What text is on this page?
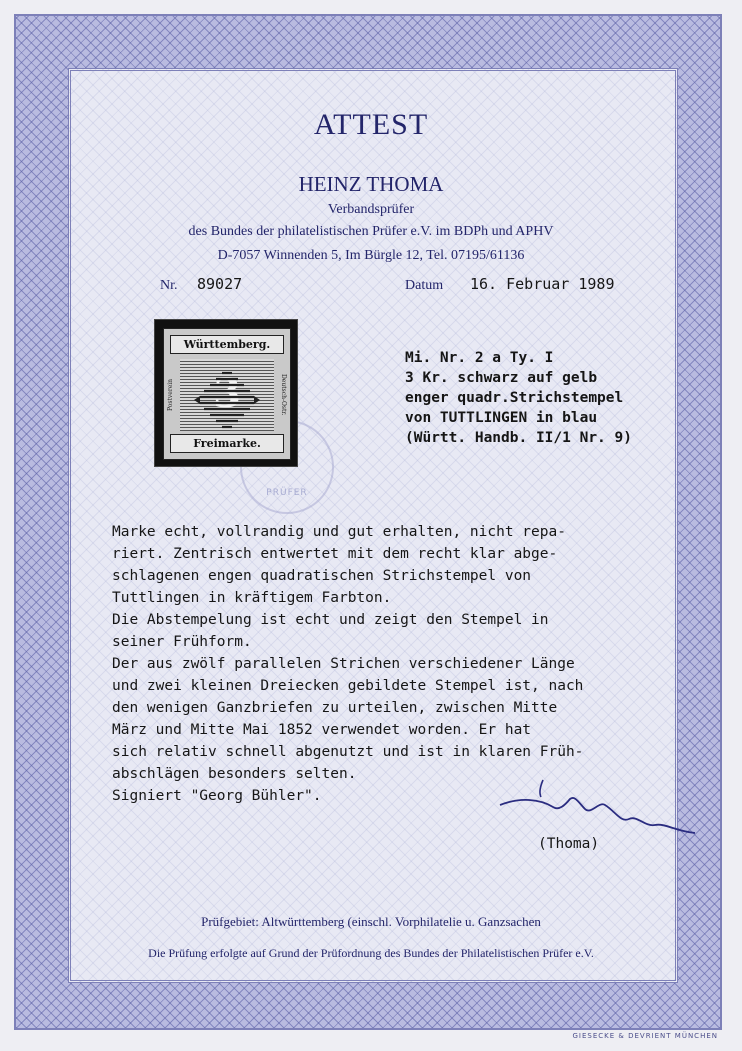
ATTEST
HEINZ THOMA
Verbandsprüfer
des Bundes der philatelistischen Prüfer e.V. im BDPh und APHV
D-7057 Winnenden 5, Im Bürgle 12, Tel. 07195/61136
Nr. 89027	Datum 16. Februar 1989
PRÜFER
Württemberg.
Postverein 3	Deutsch-Östr.
Freimarke.
Mi. Nr. 2 a Ty. I
3 Kr. schwarz auf gelb
enger quadr.Strichstempel
von TUTTLINGEN in blau
(Württ. Handb. II/1 Nr. 9)
Marke echt, vollrandig und gut erhalten, nicht repa-
riert. Zentrisch entwertet mit dem recht klar abge-
schlagenen engen quadratischen Strichstempel von
Tuttlingen in kräftigem Farbton.
Die Abstempelung ist echt und zeigt den Stempel in
seiner Frühform.
Der aus zwölf parallelen Strichen verschiedener Länge
und zwei kleinen Dreiecken gebildete Stempel ist, nach
den wenigen Ganzbriefen zu urteilen, zwischen Mitte
März und Mitte Mai 1852 verwendet worden. Er hat
sich relativ schnell abgenutzt und ist in klaren Früh-
abschlägen besonders selten.
Signiert "Georg Bühler".
(Thoma)
Prüfgebiet: Altwürttemberg (einschl. Vorphilatelie u. Ganzsachen
Die Prüfung erfolgte auf Grund der Prüfordnung des Bundes der Philatelistischen Prüfer e.V.
GIESECKE & DEVRIENT MÜNCHEN
